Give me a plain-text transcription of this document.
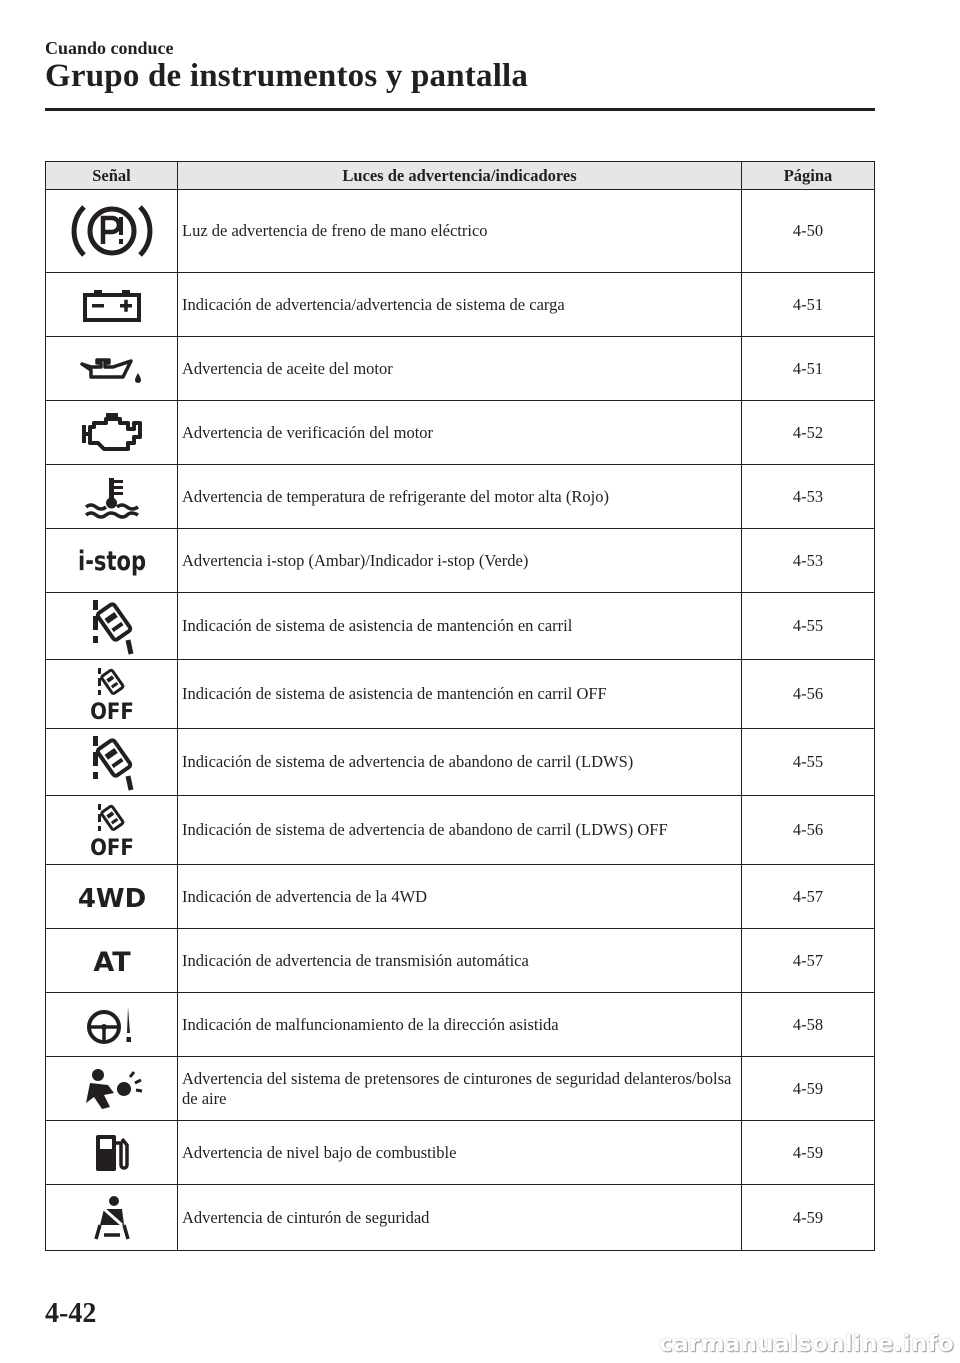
Cuando conduce
Grupo de instrumentos y pantalla
Señal	Luces de advertencia/indicadores	Página

	Luz de advertencia de freno de mano eléctrico	4-50

	Indicación de advertencia/advertencia de sistema de carga	4-51

	Advertencia de aceite del motor	4-51

	Advertencia de verificación del motor	4-52

	Advertencia de temperatura de refrigerante del motor alta (Rojo)	4-53

i-stop	Advertencia i-stop (Ambar)/Indicador i-stop (Verde)	4-53

	Indicación de sistema de asistencia de mantención en carril	4-55

OFF	Indicación de sistema de asistencia de mantención en carril OFF	4-56

	Indicación de sistema de advertencia de abandono de carril (LDWS)	4-55

OFF	Indicación de sistema de advertencia de abandono de carril (LDWS) OFF	4-56

4WD	Indicación de advertencia de la 4WD	4-57

AT	Indicación de advertencia de transmisión automática	4-57

	Indicación de malfuncionamiento de la dirección asistida	4-58

	Advertencia del sistema de pretensores de cinturones de seguridad delanteros/bolsa de aire	4-59

	Advertencia de nivel bajo de combustible	4-59

	Advertencia de cinturón de seguridad	4-59
4-42
carmanualsonline.info
